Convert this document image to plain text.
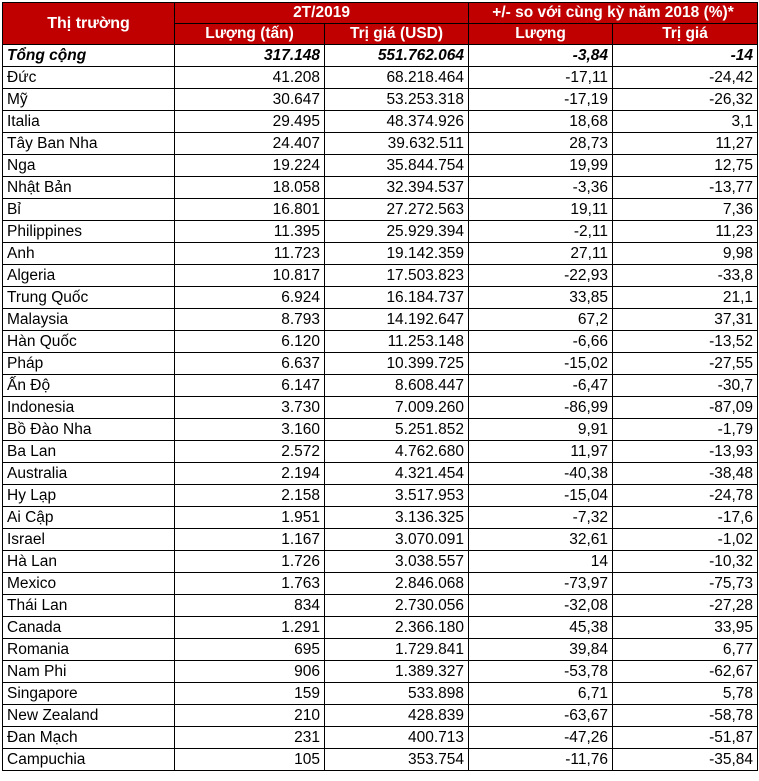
Thị trường	2T/2019		+/- so với cùng kỳ năm 2018 (%)*	
	Lượng (tấn)	Trị giá (USD)	Lượng	Trị giá
Tổng cộng	317.148	551.762.064	-3,84	-14
Đức	41.208	68.218.464	-17,11	-24,42
Mỹ	30.647	53.253.318	-17,19	-26,32
Italia	29.495	48.374.926	18,68	3,1
Tây Ban Nha	24.407	39.632.511	28,73	11,27
Nga	19.224	35.844.754	19,99	12,75
Nhật Bản	18.058	32.394.537	-3,36	-13,77
Bỉ	16.801	27.272.563	19,11	7,36
Philippines	11.395	25.929.394	-2,11	11,23
Anh	11.723	19.142.359	27,11	9,98
Algeria	10.817	17.503.823	-22,93	-33,8
Trung Quốc	6.924	16.184.737	33,85	21,1
Malaysia	8.793	14.192.647	67,2	37,31
Hàn Quốc	6.120	11.253.148	-6,66	-13,52
Pháp	6.637	10.399.725	-15,02	-27,55
Ấn Độ	6.147	8.608.447	-6,47	-30,7
Indonesia	3.730	7.009.260	-86,99	-87,09
Bồ Đào Nha	3.160	5.251.852	9,91	-1,79
Ba Lan	2.572	4.762.680	11,97	-13,93
Australia	2.194	4.321.454	-40,38	-38,48
Hy Lạp	2.158	3.517.953	-15,04	-24,78
Ai Cập	1.951	3.136.325	-7,32	-17,6
Israel	1.167	3.070.091	32,61	-1,02
Hà Lan	1.726	3.038.557	14	-10,32
Mexico	1.763	2.846.068	-73,97	-75,73
Thái Lan	834	2.730.056	-32,08	-27,28
Canada	1.291	2.366.180	45,38	33,95
Romania	695	1.729.841	39,84	6,77
Nam Phi	906	1.389.327	-53,78	-62,67
Singapore	159	533.898	6,71	5,78
New Zealand	210	428.839	-63,67	-58,78
Đan Mạch	231	400.713	-47,26	-51,87
Campuchia	105	353.754	-11,76	-35,84
